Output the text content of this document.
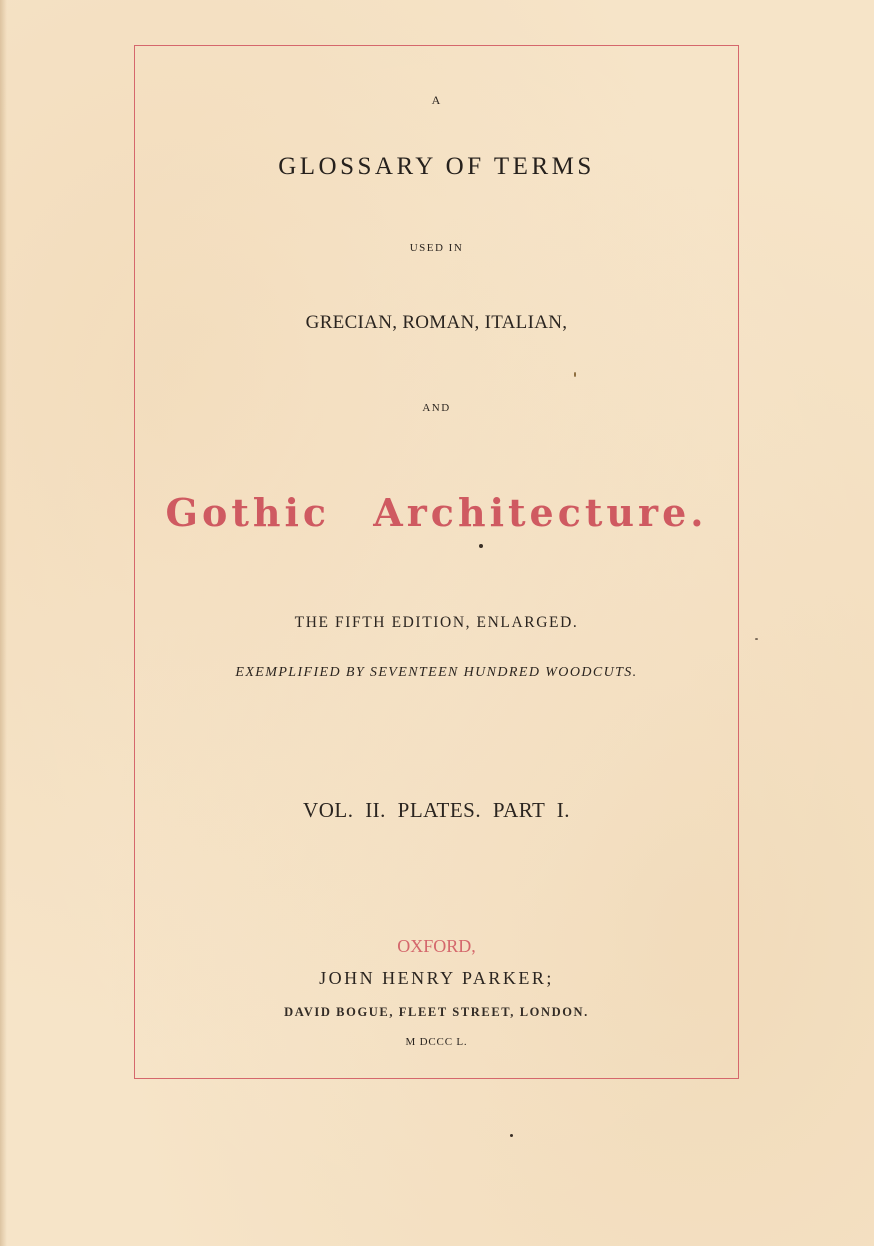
A
GLOSSARY OF TERMS
USED IN
GRECIAN, ROMAN, ITALIAN,
AND
Gothic Architecture.
THE FIFTH EDITION, ENLARGED.
EXEMPLIFIED BY SEVENTEEN HUNDRED WOODCUTS.
VOL. II. PLATES. PART I.
OXFORD,
JOHN HENRY PARKER;
DAVID BOGUE, FLEET STREET, LONDON.
M DCCC L.
